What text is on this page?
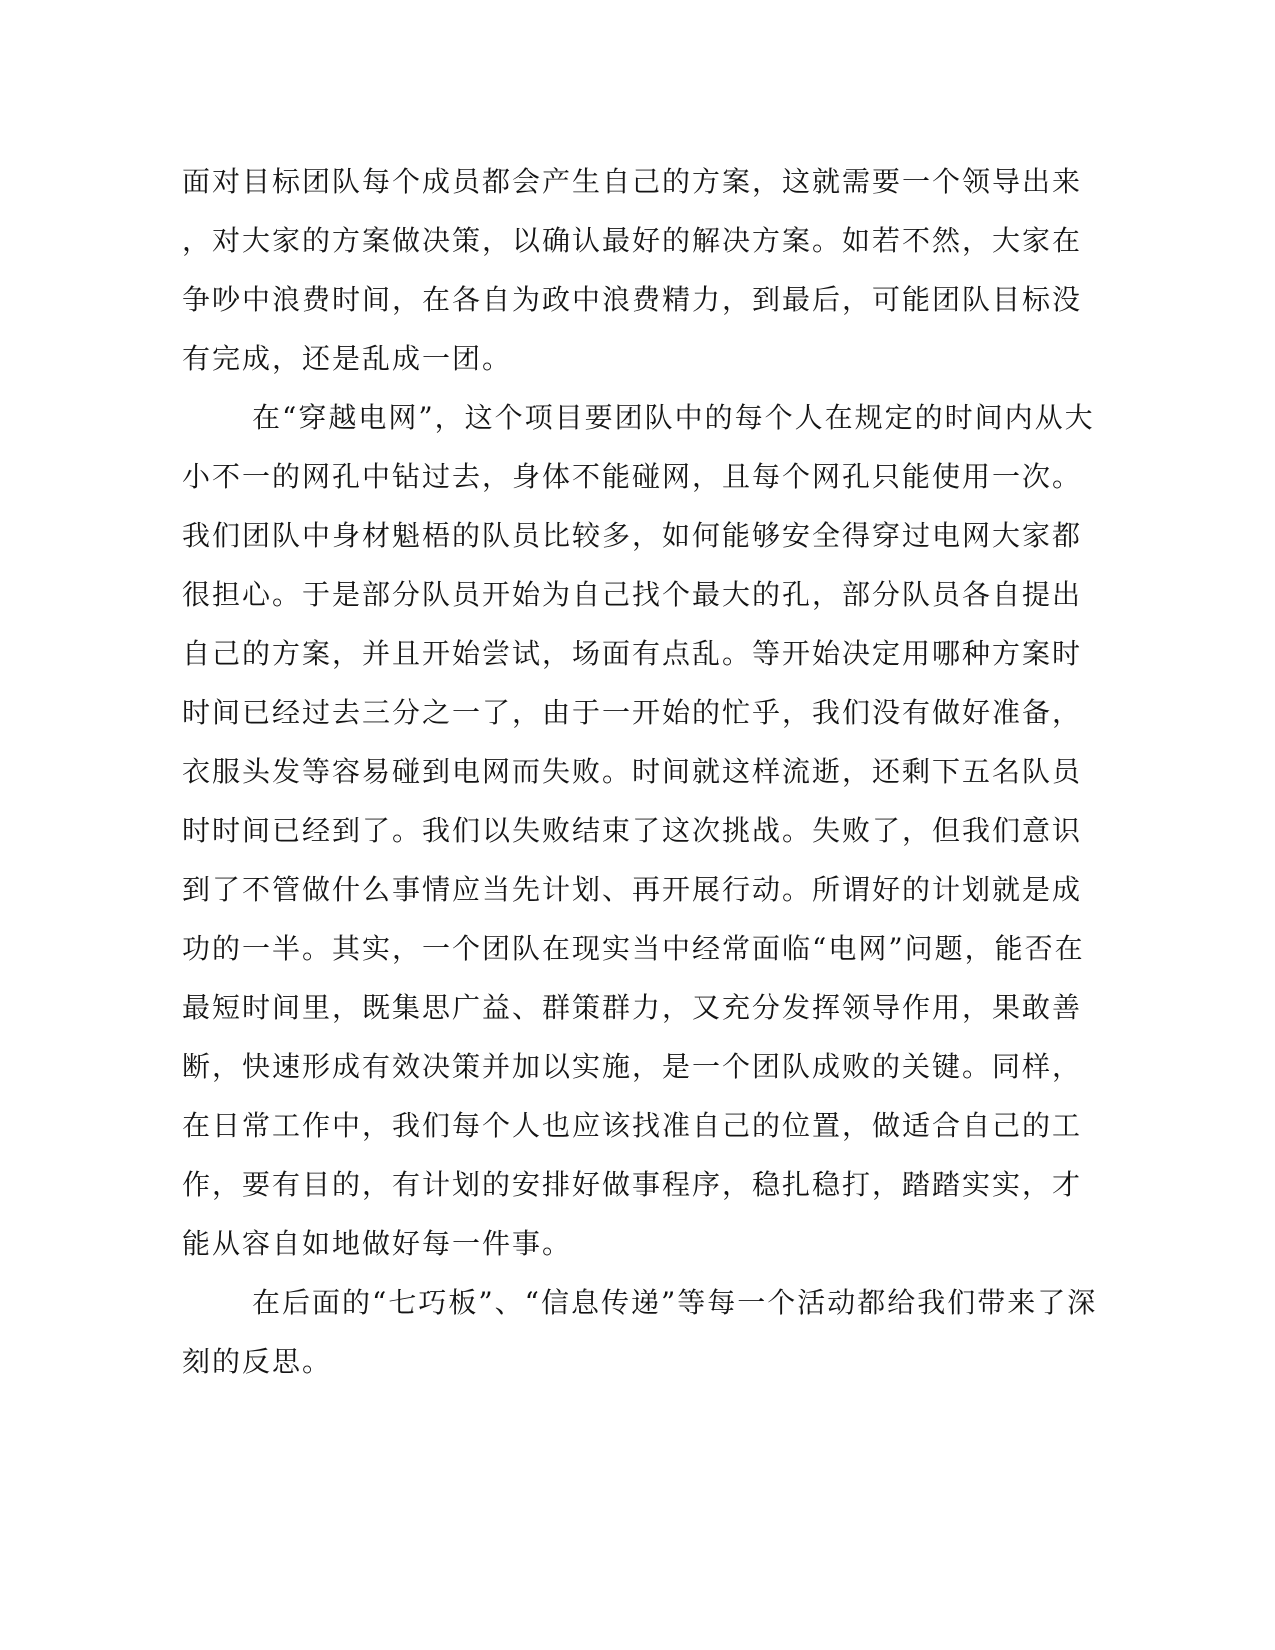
面对目标团队每个成员都会产生自己的方案，这就需要一个领导出来
，对大家的方案做决策，以确认最好的解决方案。如若不然，大家在
争吵中浪费时间，在各自为政中浪费精力，到最后，可能团队目标没
有完成，还是乱成一团。
在“穿越电网”，这个项目要团队中的每个人在规定的时间内从大
小不一的网孔中钻过去，身体不能碰网，且每个网孔只能使用一次。
我们团队中身材魁梧的队员比较多，如何能够安全得穿过电网大家都
很担心。于是部分队员开始为自己找个最大的孔，部分队员各自提出
自己的方案，并且开始尝试，场面有点乱。等开始决定用哪种方案时
时间已经过去三分之一了，由于一开始的忙乎，我们没有做好准备，
衣服头发等容易碰到电网而失败。时间就这样流逝，还剩下五名队员
时时间已经到了。我们以失败结束了这次挑战。失败了，但我们意识
到了不管做什么事情应当先计划、再开展行动。所谓好的计划就是成
功的一半。其实，一个团队在现实当中经常面临“电网”问题，能否在
最短时间里，既集思广益、群策群力，又充分发挥领导作用，果敢善
断，快速形成有效决策并加以实施，是一个团队成败的关键。同样，
在日常工作中，我们每个人也应该找准自己的位置，做适合自己的工
作，要有目的，有计划的安排好做事程序，稳扎稳打，踏踏实实，才
能从容自如地做好每一件事。
在后面的“七巧板”、“信息传递”等每一个活动都给我们带来了深
刻的反思。
